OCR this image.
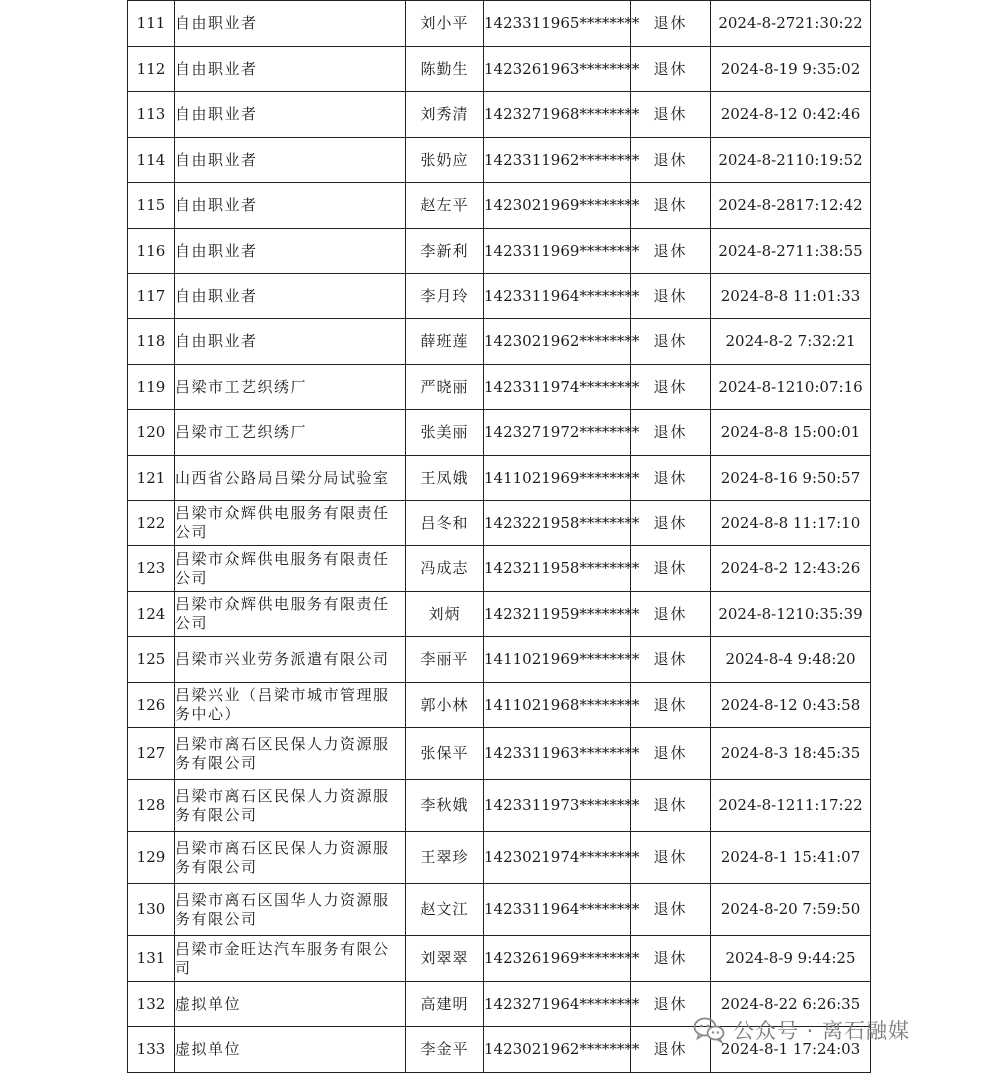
111	自由职业者	刘小平	1423311965********	退休	2024-8-2721:30:22
112	自由职业者	陈勤生	1423261963********	退休	2024-8-19 9:35:02
113	自由职业者	刘秀清	1423271968********	退休	2024-8-12 0:42:46
114	自由职业者	张奶应	1423311962********	退休	2024-8-2110:19:52
115	自由职业者	赵左平	1423021969********	退休	2024-8-2817:12:42
116	自由职业者	李新利	1423311969********	退休	2024-8-2711:38:55
117	自由职业者	李月玲	1423311964********	退休	2024-8-8 11:01:33
118	自由职业者	薛班莲	1423021962********	退休	2024-8-2 7:32:21
119	吕梁市工艺织绣厂	严晓丽	1423311974********	退休	2024-8-1210:07:16
120	吕梁市工艺织绣厂	张美丽	1423271972********	退休	2024-8-8 15:00:01
121	山西省公路局吕梁分局试验室	王凤娥	1411021969********	退休	2024-8-16 9:50:57
122	吕梁市众辉供电服务有限责任公司	吕冬和	1423221958********	退休	2024-8-8 11:17:10
123	吕梁市众辉供电服务有限责任公司	冯成志	1423211958********	退休	2024-8-2 12:43:26
124	吕梁市众辉供电服务有限责任公司	刘炳	1423211959********	退休	2024-8-1210:35:39
125	吕梁市兴业劳务派遣有限公司	李丽平	1411021969********	退休	2024-8-4 9:48:20
126	吕梁兴业（吕梁市城市管理服务中心）	郭小林	1411021968********	退休	2024-8-12 0:43:58
127	吕梁市离石区民保人力资源服务有限公司	张保平	1423311963********	退休	2024-8-3 18:45:35
128	吕梁市离石区民保人力资源服务有限公司	李秋娥	1423311973********	退休	2024-8-1211:17:22
129	吕梁市离石区民保人力资源服务有限公司	王翠珍	1423021974********	退休	2024-8-1 15:41:07
130	吕梁市离石区国华人力资源服务有限公司	赵文江	1423311964********	退休	2024-8-20 7:59:50
131	吕梁市金旺达汽车服务有限公司	刘翠翠	1423261969********	退休	2024-8-9 9:44:25
132	虚拟单位	高建明	1423271964********	退休	2024-8-22 6:26:35
133	虚拟单位	李金平	1423021962********	退休	2024-8-1 17:24:03
公众号 · 离石融媒
